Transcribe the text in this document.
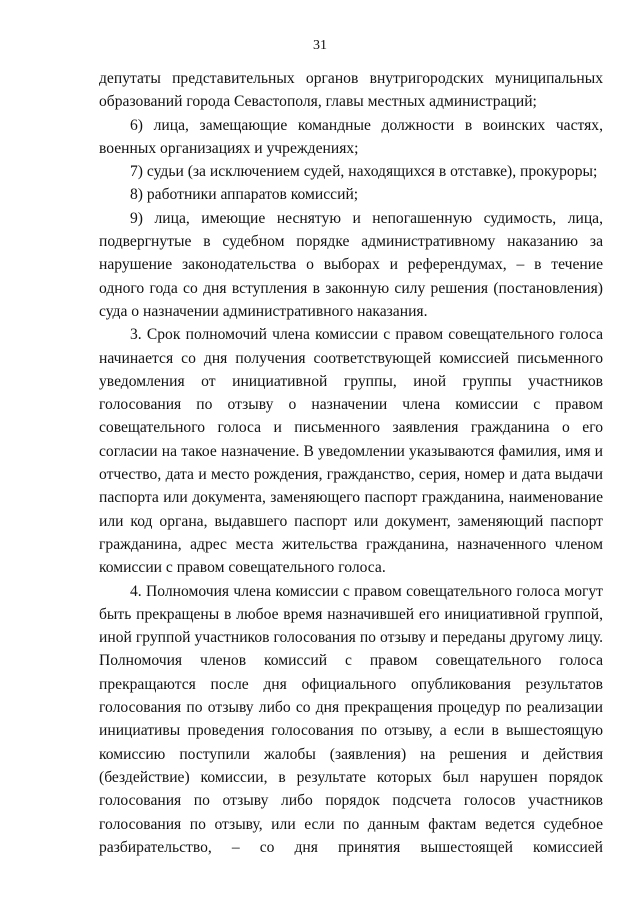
31

депутаты представительных органов внутригородских муниципальных образований города Севастополя, главы местных администраций;

6) лица, замещающие командные должности в воинских частях, военных организациях и учреждениях;

7) судьи (за исключением судей, находящихся в отставке), прокуроры;

8) работники аппаратов комиссий;

9) лица, имеющие неснятую и непогашенную судимость, лица, подвергнутые в судебном порядке административному наказанию за нарушение законодательства о выборах и референдумах, – в течение одного года со дня вступления в законную силу решения (постановления) суда о назначении административного наказания.

3. Срок полномочий члена комиссии с правом совещательного голоса начинается со дня получения соответствующей комиссией письменного уведомления от инициативной группы, иной группы участников голосования по отзыву о назначении члена комиссии с правом совещательного голоса и письменного заявления гражданина о его согласии на такое назначение. В уведомлении указываются фамилия, имя и отчество, дата и место рождения, гражданство, серия, номер и дата выдачи паспорта или документа, заменяющего паспорт гражданина, наименование или код органа, выдавшего паспорт или документ, заменяющий паспорт гражданина, адрес места жительства гражданина, назначенного членом комиссии с правом совещательного голоса.

4. Полномочия члена комиссии с правом совещательного голоса могут быть прекращены в любое время назначившей его инициативной группой, иной группой участников голосования по отзыву и переданы другому лицу. Полномочия членов комиссий с правом совещательного голоса прекращаются после дня официального опубликования результатов голосования по отзыву либо со дня прекращения процедур по реализации инициативы проведения голосования по отзыву, а если в вышестоящую комиссию поступили жалобы (заявления) на решения и действия (бездействие) комиссии, в результате которых был нарушен порядок голосования по отзыву либо порядок подсчета голосов участников голосования по отзыву, или если по данным фактам ведется судебное разбирательство, – со дня принятия вышестоящей комиссией
